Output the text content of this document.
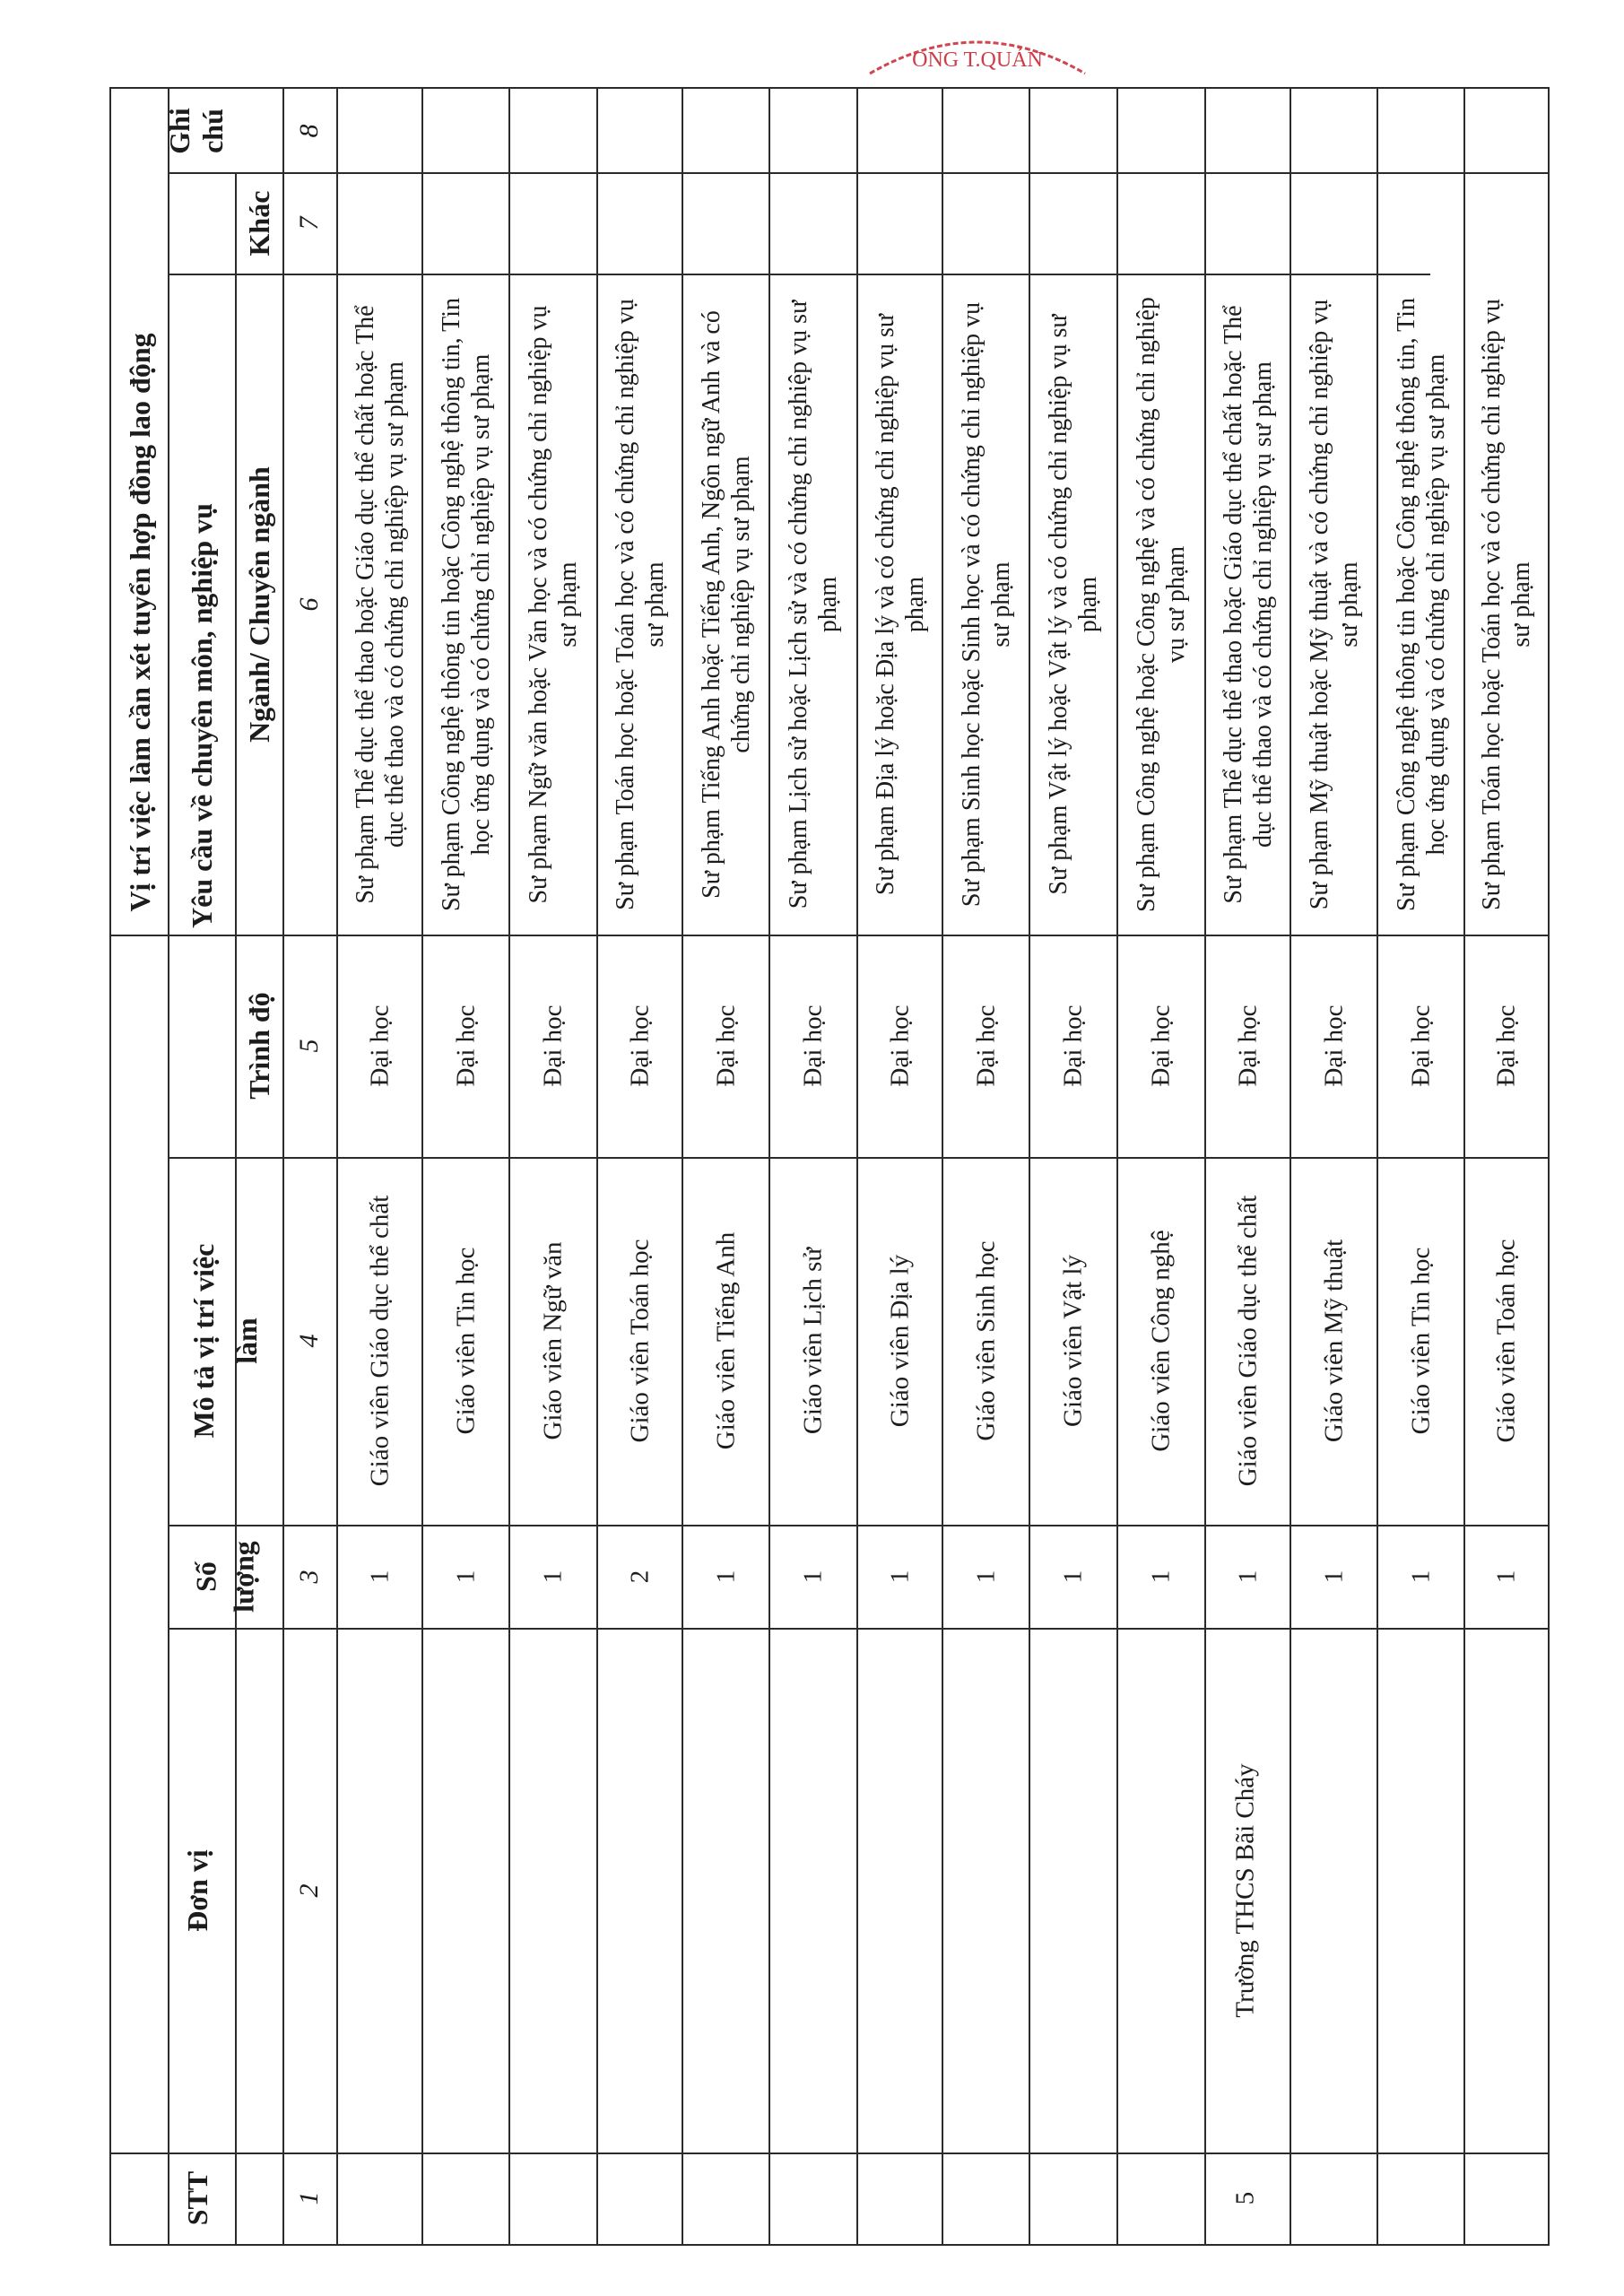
ONG T.QUẢN
Vị trí việc làm cần xét tuyển hợp đồng lao động
Ghi chú
Yêu cầu về chuyên môn, nghiệp vụ
Khác
Ngành/ Chuyên ngành
Trình độ
Mô tả vị trí việc làm
Số lượng
Đơn vị
STT
8
7
6
5
4
3
2
1
Trường THCS Bãi Cháy
5
Sư phạm Thể dục thể thao hoặc Giáo dục thể chất hoặc Thể dục thể thao và có chứng chỉ nghiệp vụ sư phạm
Đại học
Giáo viên Giáo dục thể chất
1
Sư phạm Công nghệ thông tin hoặc Công nghệ thông tin, Tin học ứng dụng và có chứng chỉ nghiệp vụ sư phạm
Đại học
Giáo viên Tin học
1
Sư phạm Ngữ văn hoặc Văn học và có chứng chỉ nghiệp vụ sư phạm
Đại học
Giáo viên Ngữ văn
1
Sư phạm Toán học hoặc Toán học và có chứng chỉ nghiệp vụ sư phạm
Đại học
Giáo viên Toán học
2
Sư phạm Tiếng Anh hoặc Tiếng Anh, Ngôn ngữ Anh và có chứng chỉ nghiệp vụ sư phạm
Đại học
Giáo viên Tiếng Anh
1
Sư phạm Lịch sử hoặc Lịch sử và có chứng chỉ nghiệp vụ sư phạm
Đại học
Giáo viên Lịch sử
1
Sư phạm Địa lý hoặc Địa lý và có chứng chỉ nghiệp vụ sư phạm
Đại học
Giáo viên Địa lý
1
Sư phạm Sinh học hoặc Sinh học và có chứng chỉ nghiệp vụ sư phạm
Đại học
Giáo viên Sinh học
1
Sư phạm Vật lý hoặc Vật lý và có chứng chỉ nghiệp vụ sư phạm
Đại học
Giáo viên Vật lý
1
Sư phạm Công nghệ hoặc Công nghệ và có chứng chỉ nghiệp vụ sư phạm
Đại học
Giáo viên Công nghệ
1
Sư phạm Thể dục thể thao hoặc Giáo dục thể chất hoặc Thể dục thể thao và có chứng chỉ nghiệp vụ sư phạm
Đại học
Giáo viên Giáo dục thể chất
1
Sư phạm Mỹ thuật hoặc Mỹ thuật và có chứng chỉ nghiệp vụ sư phạm
Đại học
Giáo viên Mỹ thuật
1
Sư phạm Công nghệ thông tin hoặc Công nghệ thông tin, Tin học ứng dụng và có chứng chỉ nghiệp vụ sư phạm
Đại học
Giáo viên Tin học
1
Sư phạm Toán học hoặc Toán học và có chứng chỉ nghiệp vụ sư phạm
Đại học
Giáo viên Toán học
1
